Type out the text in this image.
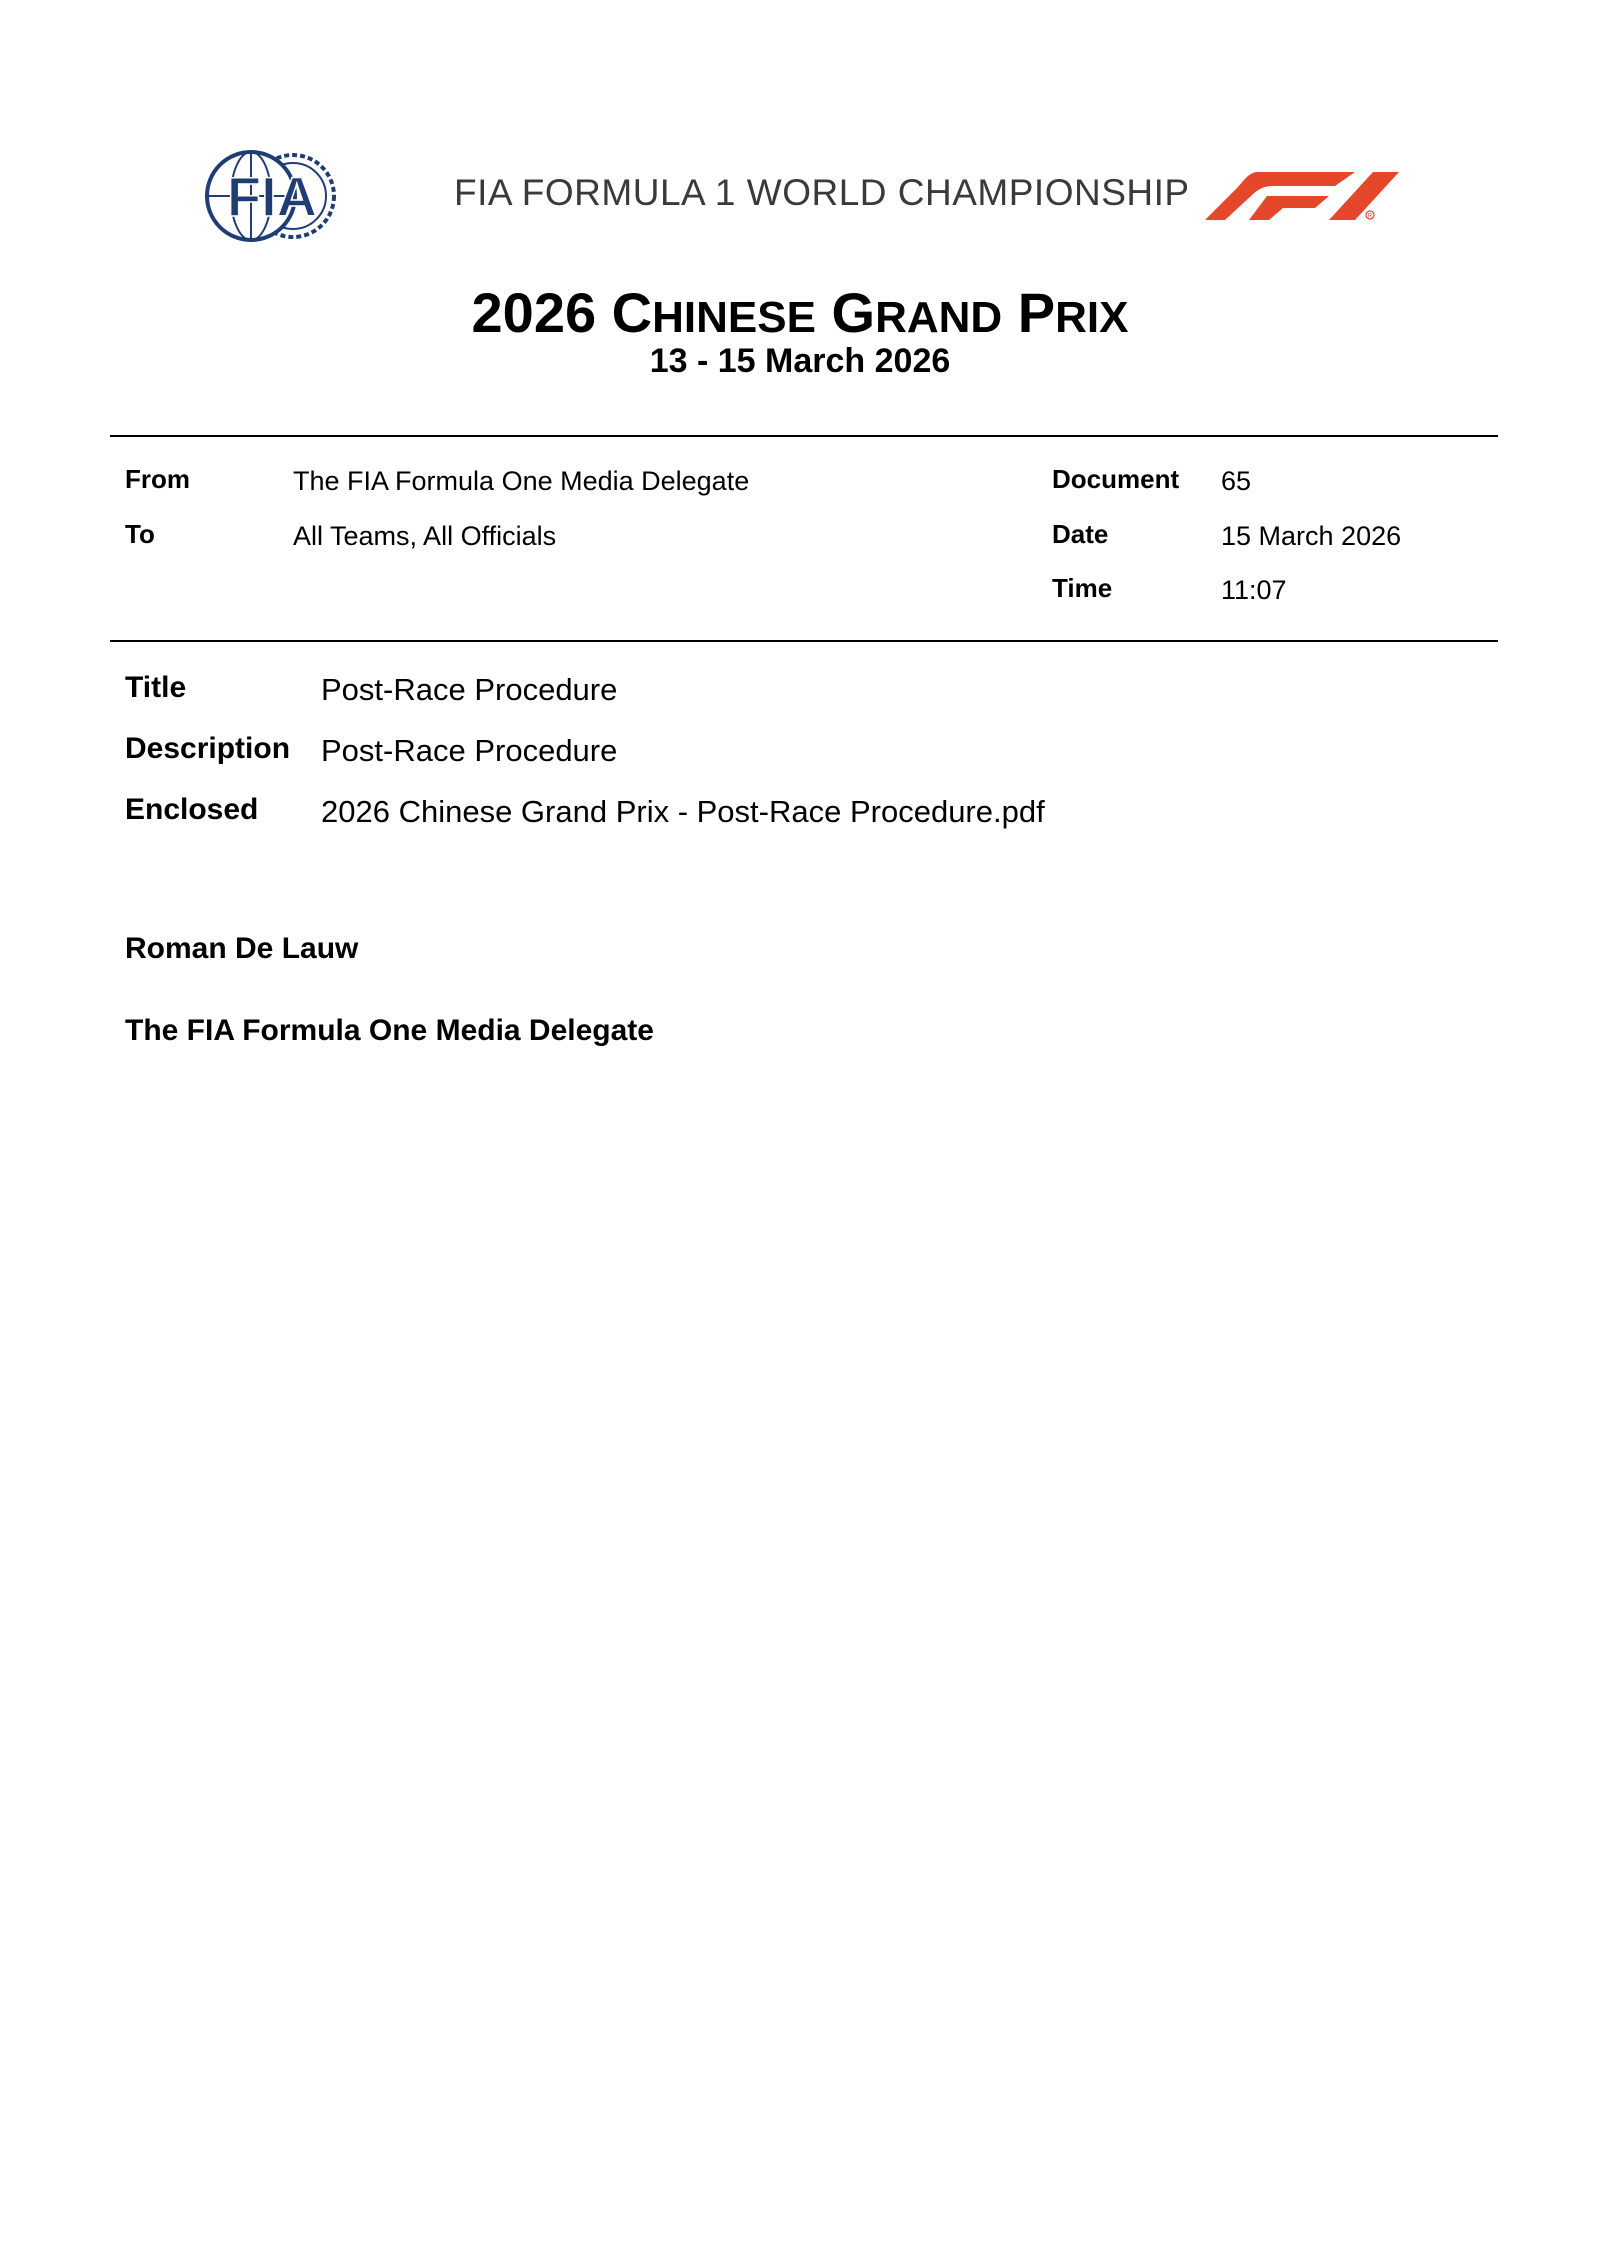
FIA	FIA FORMULA 1 WORLD CHAMPIONSHIP
R
2026 CHINESE GRAND PRIX
13 - 15 March 2026
From	The FIA Formula One Media Delegate
To	All Teams, All Officials
Document 65
Date	15 March 2026
Time	11:07
Title	Post-Race Procedure
Description Post-Race Procedure
Enclosed 2026 Chinese Grand Prix - Post-Race Procedure.pdf
Roman De Lauw
The FIA Formula One Media Delegate
